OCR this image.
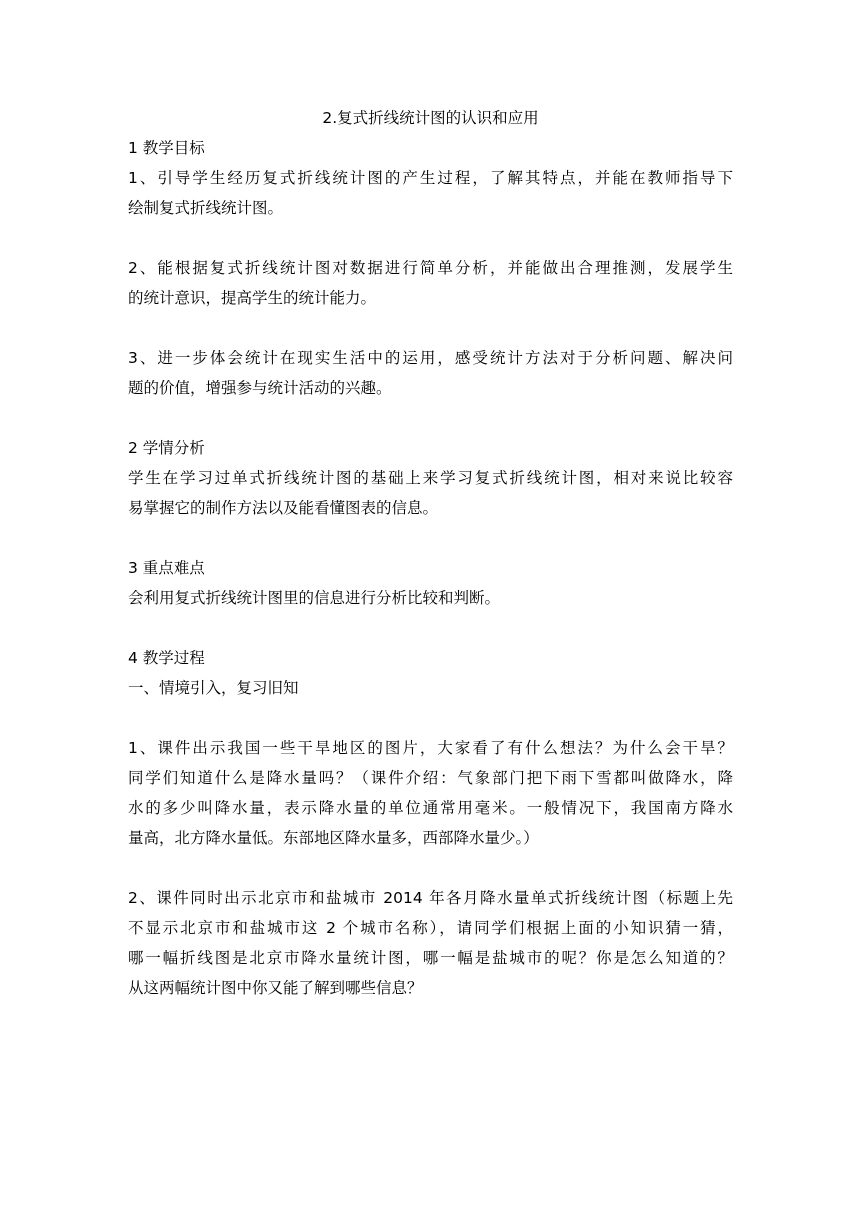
2.复式折线统计图的认识和应用
1 教学目标
1、引导学生经历复式折线统计图的产生过程，了解其特点，并能在教师指导下
绘制复式折线统计图。
2、能根据复式折线统计图对数据进行简单分析，并能做出合理推测，发展学生
的统计意识，提高学生的统计能力。
3、进一步体会统计在现实生活中的运用，感受统计方法对于分析问题、解决问
题的价值，增强参与统计活动的兴趣。
2 学情分析
学生在学习过单式折线统计图的基础上来学习复式折线统计图，相对来说比较容
易掌握它的制作方法以及能看懂图表的信息。
3 重点难点
会利用复式折线统计图里的信息进行分析比较和判断。
4 教学过程
一、情境引入，复习旧知
1、课件出示我国一些干旱地区的图片，大家看了有什么想法？为什么会干旱？
同学们知道什么是降水量吗？（课件介绍：气象部门把下雨下雪都叫做降水，降
水的多少叫降水量，表示降水量的单位通常用毫米。一般情况下，我国南方降水
量高，北方降水量低。东部地区降水量多，西部降水量少。）
2、课件同时出示北京市和盐城市 2014 年各月降水量单式折线统计图（标题上先
不显示北京市和盐城市这 2 个城市名称），请同学们根据上面的小知识猜一猜，
哪一幅折线图是北京市降水量统计图，哪一幅是盐城市的呢？你是怎么知道的？
从这两幅统计图中你又能了解到哪些信息？
